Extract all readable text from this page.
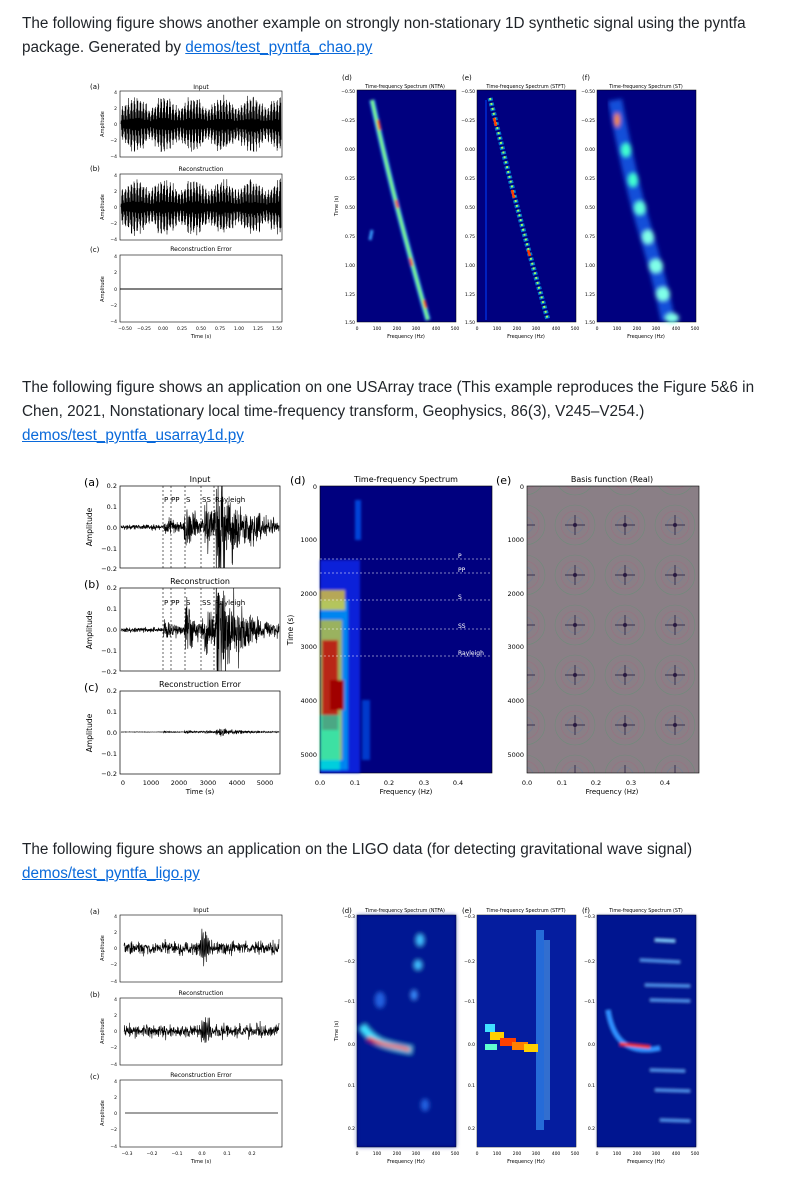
The following figure shows another example on strongly non-stationary 1D synthetic signal using the pyntfa package. Generated by demos/test_pyntfa_chao.py

The following figure shows an application on one USArray trace (This example reproduces the Figure 5&6 in Chen, 2021, Nonstationary local time-frequency transform, Geophysics, 86(3), V245–V254.)
demos/test_pyntfa_usarray1d.py

The following figure shows an application on the LIGO data (for detecting gravitational wave signal)
demos/test_pyntfa_ligo.py

(a)	Input
Amplitude
4
2
0
−2
−4
(b)	Reconstruction
Amplitude
4
2
0
−2
−4
(c)	Reconstruction Error
Amplitude
4
2
0
−2
−4
−0.50 −0.25 0.00 0.25 0.50 0.75 1.00 1.25 1.50
Time (s)
(d)
Time-frequency Spectrum (NTFA)
Time (s)
−0.50
−0.25
0.00
0.25
0.50
0.75
1.00
1.25
1.50
0	100	200 300	400 500
Frequency (Hz)
(e)
Time-frequency Spectrum (STFT)
−0.50
−0.25
0.00
0.25
0.50
0.75
1.00
1.25
1.50
0	100	200 300	400 500
Frequency (Hz)
(f)
Time-frequency Spectrum (ST)
−0.50
−0.25
0.00
0.25
0.50
0.75
1.00
1.25
1.50
0	100	200 300	400 500
Frequency (Hz)
(a)	Input
P PP S SS Rayleigh
Amplitude
0.2
0.1
0.0
−0.1
−0.2
(b)	Reconstruction
P PP S SS Rayleigh
Amplitude
0.2
0.1
0.0
−0.1
−0.2
(c)	Reconstruction Error
Amplitude
0.2
0.1
0.0
−0.1
−0.2
0	1000 2000 3000 4000 5000
Time (s)
(d)	Time-frequency Spectrum
P
PP
S
SS
Rayleigh
Time (s)
0
1000
2000
3000
4000
5000
0.0	0.1	0.2	0.3	0.4
Frequency (Hz)
(e)	Basis function (Real)
0
1000
2000
3000
4000
5000
0.0	0.1	0.2	0.3	0.4
Frequency (Hz)
(a)	Input
Amplitude
4
2
0
−2
−4
(b)	Reconstruction
Amplitude
4
2
0
−2
−4
(c)	Reconstruction Error
Amplitude
4
2
0
−2
−4
−0.3	−0.2	−0.1	0.0	0.1	0.2
Time (s)
(d)	Time-frequency Spectrum (NTFA)
Time (s)
−0.3
−0.2
−0.1
0.0
0.1
0.2
0	100	200 300	400 500
Frequency (Hz)
(e)	Time-frequency Spectrum (STFT)
−0.3
−0.2
−0.1
0.0
0.1
0.2
0	100	200 300	400 500
Frequency (Hz)
(f)	Time-frequency Spectrum (ST)
−0.3
−0.2
−0.1
0.0
0.1
0.2
0	100	200 300	400 500
Frequency (Hz)
